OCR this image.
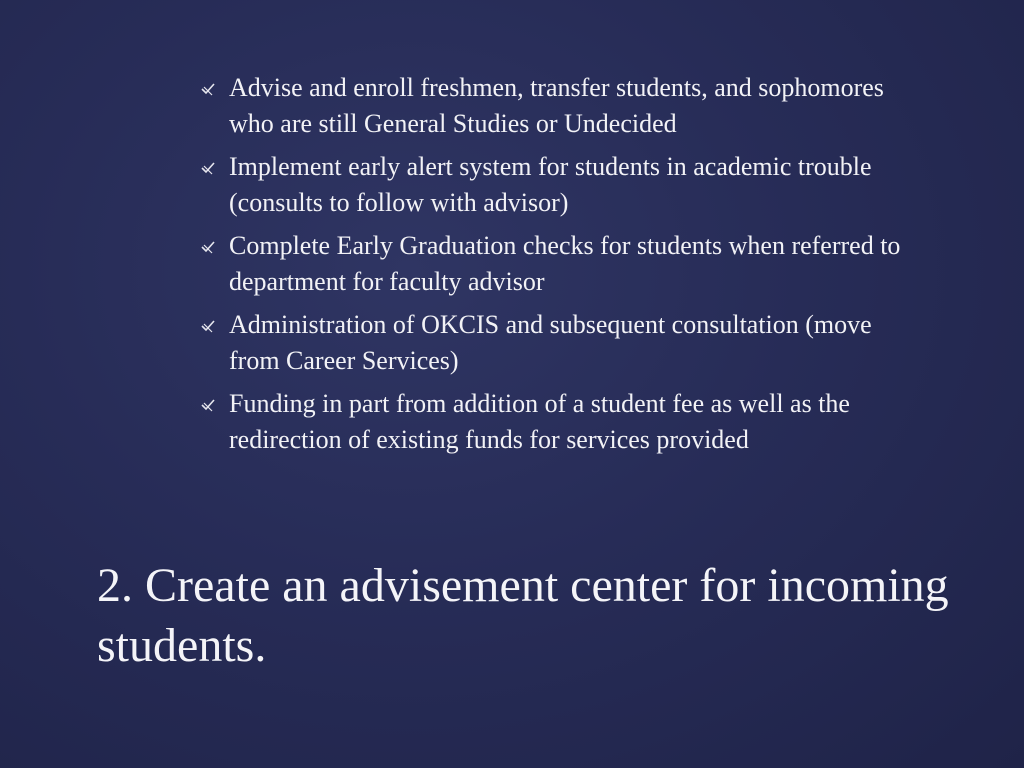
Advise and enroll freshmen, transfer students, and sophomores who are still General Studies or Undecided
Implement early alert system for students in academic trouble (consults to follow with advisor)
Complete Early Graduation checks for students when referred to department for faculty advisor
Administration of OKCIS and subsequent consultation (move from Career Services)
Funding in part from addition of a student fee as well as the redirection of existing funds for services provided
2. Create an advisement center for incoming students.
